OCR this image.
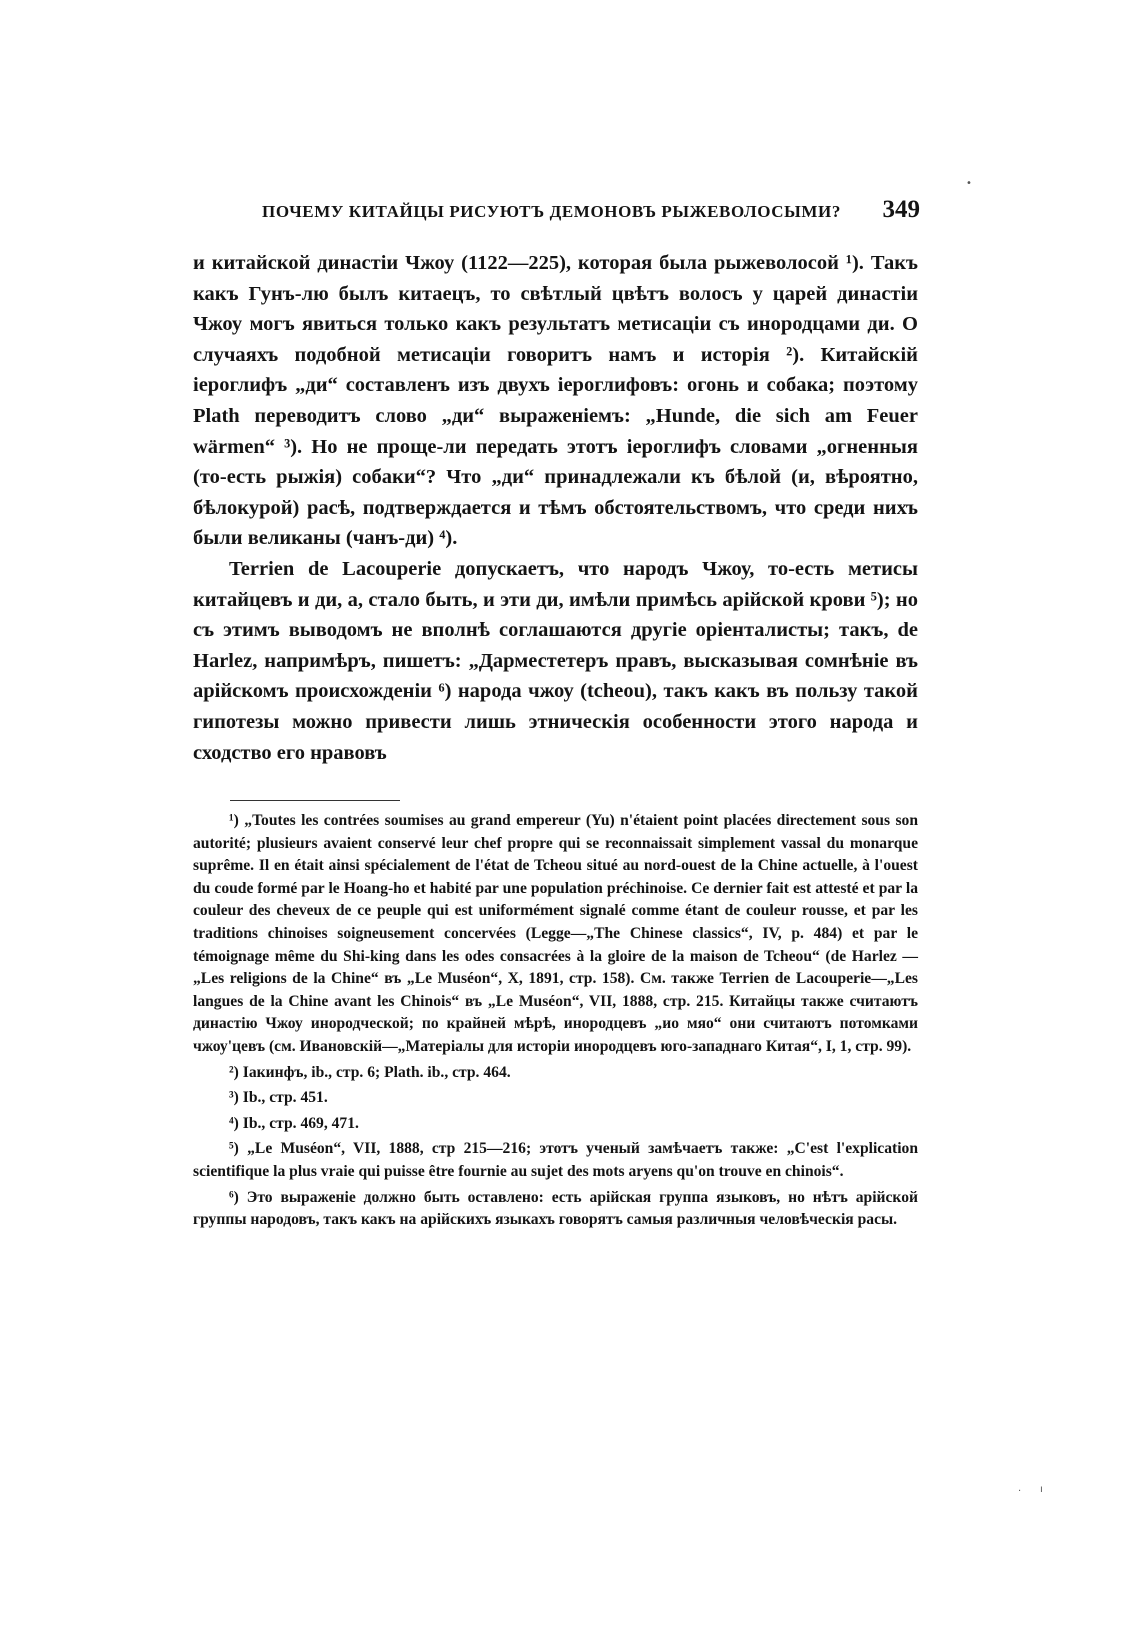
ПОЧЕМУ КИТАЙЦЫ РИСУЮТЪ ДЕМОНОВЪ РЫЖЕВОЛОСЫМИ? 349

и китайской династіи Чжоу (1122—225), которая была рыжеволосой ¹). Такъ какъ Гунъ-лю былъ китаецъ, то свѣтлый цвѣтъ волосъ у царей династіи Чжоу могъ явиться только какъ результатъ метисаціи съ инородцами ди. О случаяхъ подобной метисаціи говоритъ намъ и исторія ²). Китайскій іероглифъ „ди“ составленъ изъ двухъ іероглифовъ: огонь и собака; поэтому Plath переводитъ слово „ди“ выраженіемъ: „Hunde, die sich am Feuer wärmen“ ³). Но не проще-ли передать этотъ іероглифъ словами „огненныя (то-есть рыжія) собаки“? Что „ди“ принадлежали къ бѣлой (и, вѣроятно, бѣлокурой) расѣ, подтверждается и тѣмъ обстоятельствомъ, что среди нихъ были великаны (чанъ-ди) ⁴).

Terrien de Lacouperie допускаетъ, что народъ Чжоу, то-есть метисы китайцевъ и ди, а, стало быть, и эти ди, имѣли примѣсь арійской крови ⁵); но съ этимъ выводомъ не вполнѣ соглашаются другіе оріенталисты; такъ, de Harlez, напримѣръ, пишетъ: „Дарместетеръ правъ, высказывая сомнѣніе въ арійскомъ происхожденіи ⁶) народа чжоу (tcheou), такъ какъ въ пользу такой гипотезы можно привести лишь этническія особенности этого народа и сходство его нравовъ

¹) „Toutes les contrées soumises au grand empereur (Yu) n'étaient point placées directement sous son autorité; plusieurs avaient conservé leur chef propre qui se reconnaissait simplement vassal du monarque suprême. Il en était ainsi spécialement de l'état de Tcheou situé au nord-ouest de la Chine actuelle, à l'ouest du coude formé par le Hoang-ho et habité par une population préchinoise. Ce dernier fait est attesté et par la couleur des cheveux de ce peuple qui est uniformément signalé comme étant de couleur rousse, et par les traditions chinoises soigneusement concervées (Legge—„The Chinese classics“, IV, p. 484) et par le témoignage même du Shi-king dans les odes consacrées à la gloire de la maison de Tcheou“ (de Harlez — „Les religions de la Chine“ въ „Le Muséon“, X, 1891, стр. 158). См. также Terrien de Lacouperie—„Les langues de la Chine avant les Chinois“ въ „Le Muséon“, VII, 1888, стр. 215. Китайцы также считаютъ династію Чжоу инородческой; по крайней мѣрѣ, инородцевъ „ио мяо“ они считаютъ потомками чжоу'цевъ (см. Ивановскій—„Матеріалы для исторіи инородцевъ юго-западнаго Китая“, I, 1, стр. 99).

²) Іакинфъ, ib., стр. 6; Plath. ib., стр. 464.

³) Ib., стр. 451.

⁴) Ib., стр. 469, 471.

⁵) „Le Muséon“, VII, 1888, стр 215—216; этотъ ученый замѣчаетъ также: „C'est l'explication scientifique la plus vraie qui puisse être fournie au sujet des mots aryens qu'on trouve en chinois“.

⁶) Это выраженіе должно быть оставлено: есть арійская группа языковъ, но нѣтъ арійской группы народовъ, такъ какъ на арійскихъ языкахъ говорятъ самыя различныя человѣческія расы.

•
· ı
